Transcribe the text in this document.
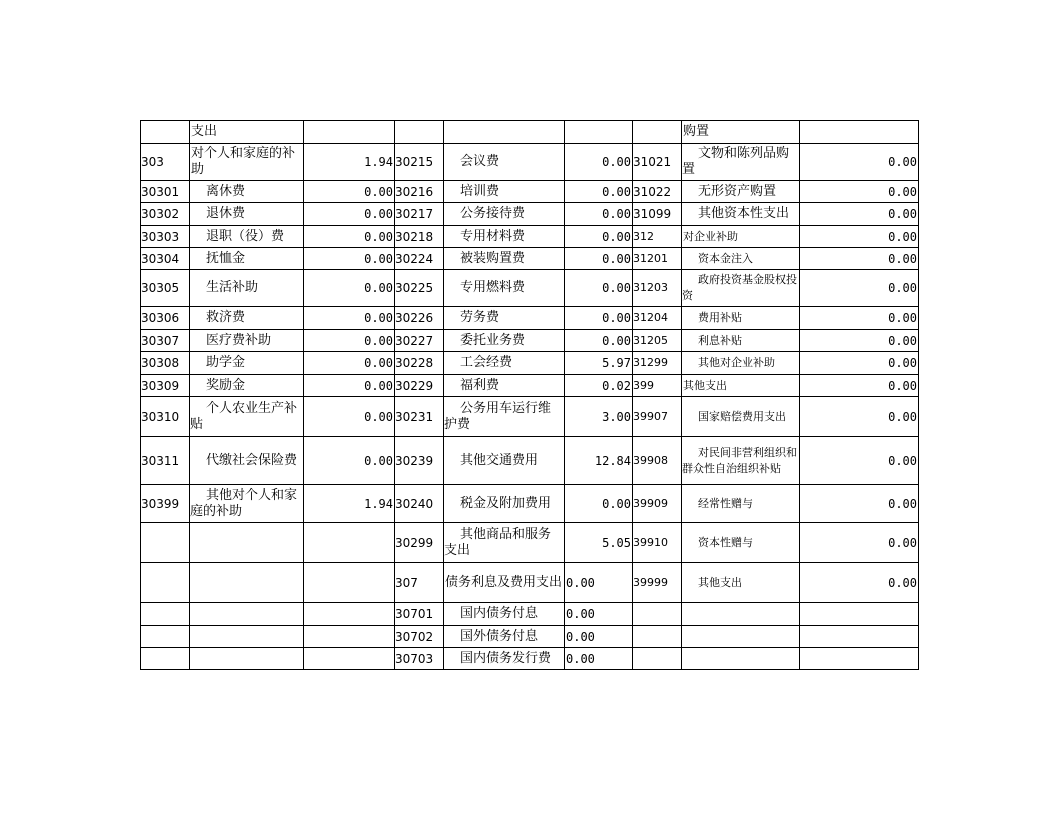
	支出						购置	
303	对个人和家庭的补助	1.94	30215	会议费	0.00	31021	文物和陈列品购置	0.00
30301	离休费	0.00	30216	培训费	0.00	31022	无形资产购置	0.00
30302	退休费	0.00	30217	公务接待费	0.00	31099	其他资本性支出	0.00
30303	退职（役）费	0.00	30218	专用材料费	0.00	312	对企业补助	0.00
30304	抚恤金	0.00	30224	被装购置费	0.00	31201	资本金注入	0.00
30305	生活补助	0.00	30225	专用燃料费	0.00	31203	政府投资基金股权投资	0.00
30306	救济费	0.00	30226	劳务费	0.00	31204	费用补贴	0.00
30307	医疗费补助	0.00	30227	委托业务费	0.00	31205	利息补贴	0.00
30308	助学金	0.00	30228	工会经费	5.97	31299	其他对企业补助	0.00
30309	奖励金	0.00	30229	福利费	0.02	399	其他支出	0.00
30310	个人农业生产补贴	0.00	30231	公务用车运行维护费	3.00	39907	国家赔偿费用支出	0.00
30311	代缴社会保险费	0.00	30239	其他交通费用	12.84	39908	对民间非营利组织和群众性自治组织补贴	0.00
30399	其他对个人和家庭的补助	1.94	30240	税金及附加费用	0.00	39909	经常性赠与	0.00
			30299	其他商品和服务支出	5.05	39910	资本性赠与	0.00
			307	债务利息及费用支出	0.00	39999	其他支出	0.00
			30701	国内债务付息	0.00			
			30702	国外债务付息	0.00			
			30703	国内债务发行费	0.00			
